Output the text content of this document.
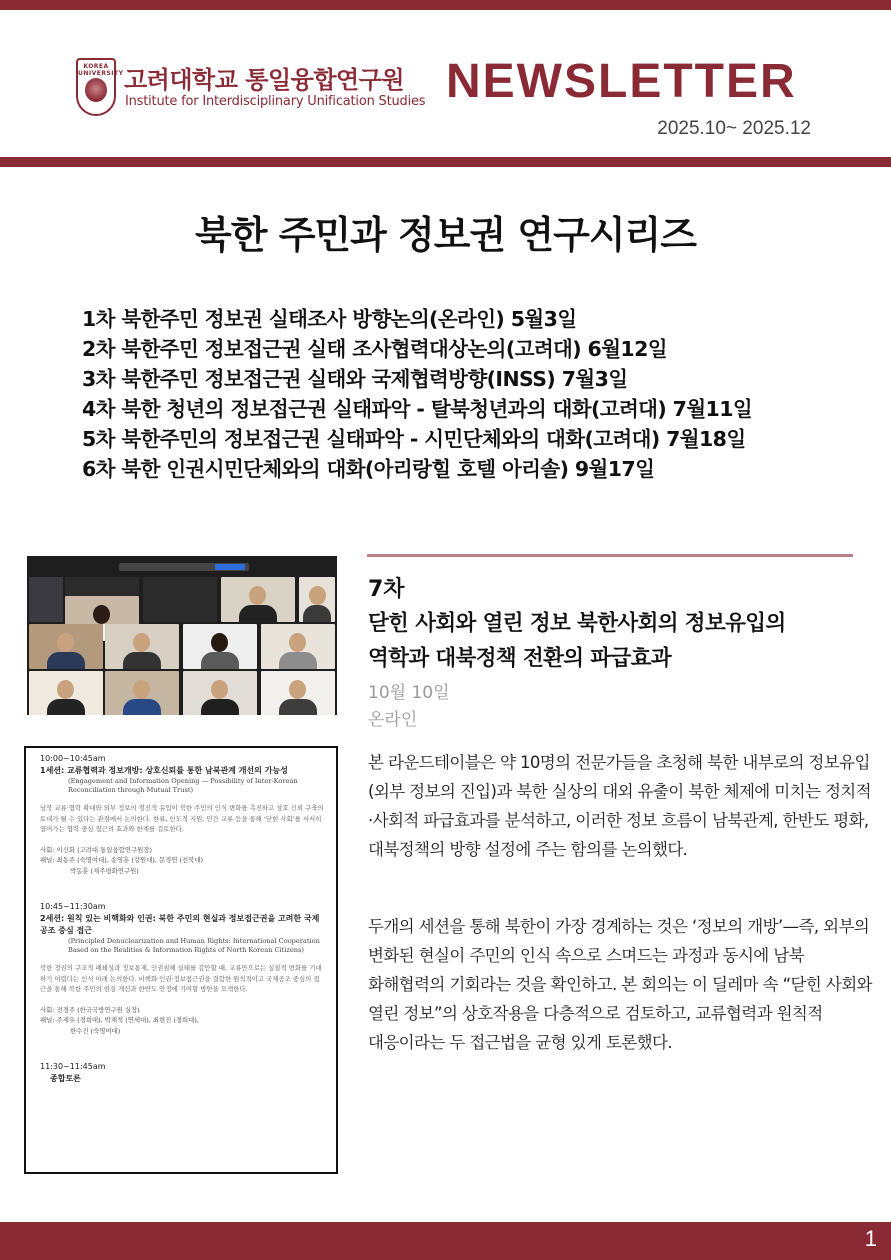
KOREA UNIVERSITY 고려대학교 통일융합연구원
Institute for Interdisciplinary Unification Studies NEWSLETTER
2025.10~ 2025.12
북한 주민과 정보권 연구시리즈
1차 북한주민 정보권 실태조사 방향논의(온라인) 5월3일
2차 북한주민 정보접근권 실태 조사협력대상논의(고려대) 6월12일
3차 북한주민 정보접근권 실태와 국제협력방향(INSS) 7월3일
4차 북한 청년의 정보접근권 실태파악 - 탈북청년과의 대화(고려대) 7월11일
5차 북한주민의 정보접근권 실태파악 - 시민단체와의 대화(고려대) 7월18일
6차 북한 인권시민단체와의 대화(아리랑힐 호텔 아리솔) 9월17일
10:00~10:45am
1세션: 교류협력과 정보개방: 상호신뢰를 통한 남북관계 개선의 가능성
(Engagement and Information Opening — Possibility of Inter-Korean Reconciliation through Mutual Trust)
남북 교류·협력 확대와 외부 정보의 점진적 유입이 북한 주민의 인식 변화를 촉진하고 상호 신뢰 구축의 토대가 될 수 있다는 관점에서 논의한다. 한류, 인도적 지원, 민간 교류 등을 통해 ‘닫힌 사회’를 서서히 열어가는 협력 중심 접근의 효과와 한계를 검토한다.
사회: 이신화 (고려대 통일융합연구원장)
패널: 최동주 (숙명여대), 송영훈 (강원대), 문경연 (전북대)
박동훈 (제주평화연구원)
10:45~11:30am
2세션: 원칙 있는 비핵화와 인권: 북한 주민의 현실과 정보접근권을 고려한 국제공조 중심 접근
(Principled Denuclearization and Human Rights: International Cooperation Based on the Realities & Information Rights of North Korean Citizens)
북한 정권의 구조적 폐쇄성과 정보통제, 인권침해 실태를 감안할 때, 교류만으로는 실질적 변화를 기대하기 어렵다는 인식 아래 논의한다. 비핵화·인권·정보접근권을 결합한 원칙적이고 국제공조 중심의 접근을 통해 북한 주민의 현실 개선과 한반도 안정에 기여할 방안을 모색한다.
사회: 전경주 (한국국방연구원 실장)
패널: 주재우 (경희대), 박재적 (연세대), 최현진 (경희대),
한수진 (숙명여대)
11:30~11:45am
종합토론
7차
닫힌 사회와 열린 정보 북한사회의 정보유입의
역학과 대북정책 전환의 파급효과
10월 10일
온라인

본 라운드테이블은 약 10명의 전문가들을 초청해 북한 내부로의 정보유입(외부 정보의 진입)과 북한 실상의 대외 유출이 북한 체제에 미치는 정치적·사회적 파급효과를 분석하고, 이러한 정보 흐름이 남북관계, 한반도 평화, 대북정책의 방향 설정에 주는 함의를 논의했다.

두개의 세션을 통해 북한이 가장 경계하는 것은 ‘정보의 개방’—즉, 외부의 변화된 현실이 주민의 인식 속으로 스며드는 과정과 동시에 남북 화해협력의 기회라는 것을 확인하고. 본 회의는 이 딜레마 속 “닫힌 사회와 열린 정보”의 상호작용을 다층적으로 검토하고, 교류협력과 원칙적 대응이라는 두 접근법을 균형 있게 토론했다.

1
